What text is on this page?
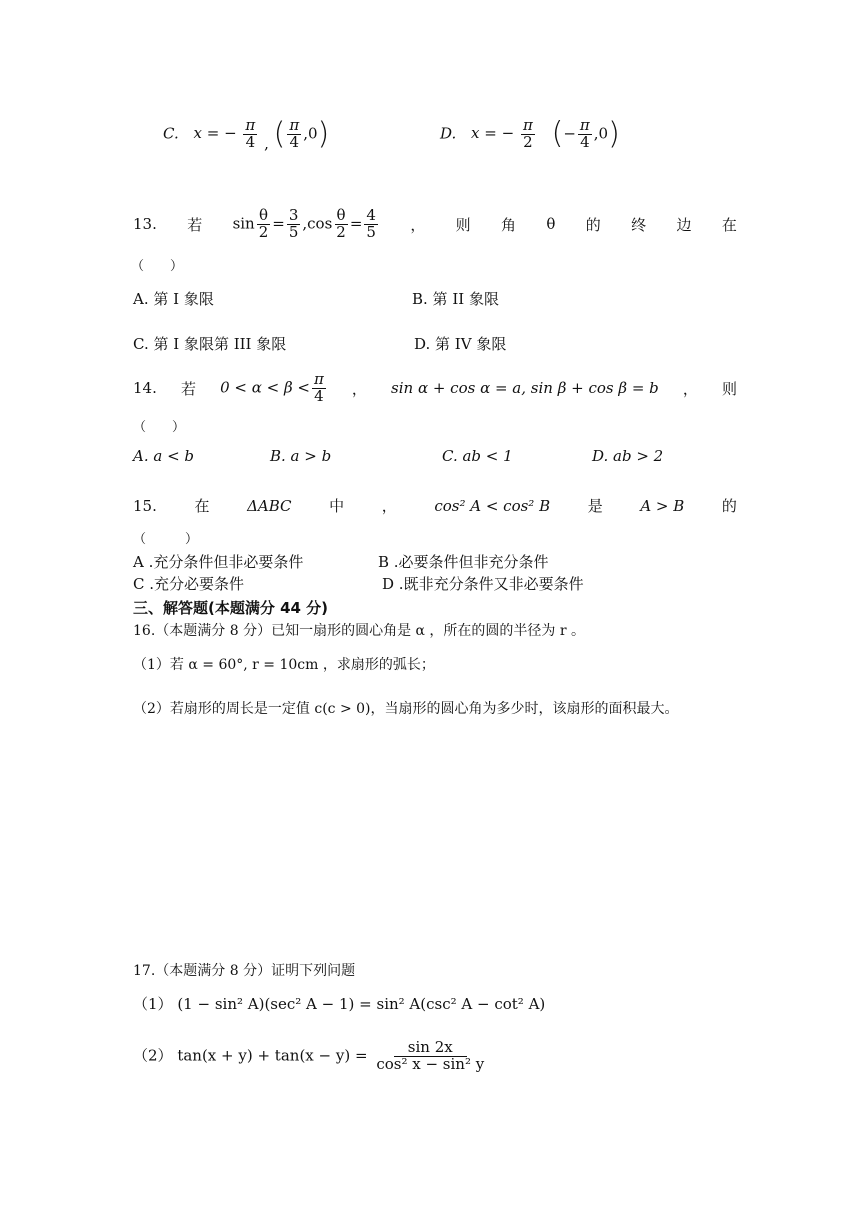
C. x = − $\frac{\pi}{4}$ , ( $\frac{\pi}{4} ,0$)	D. x = − $\frac{\pi}{2}$ (− $\frac{\pi}{4} ,0$)
13. 若 $\sin \frac{\theta}{2} = \frac{3}{5} ,\cos \frac{\theta}{2} = \frac{4}{5}$ ， 则 角 θ 的 终 边 在
（　　）
A. 第 I 象限	B. 第 II 象限
C. 第 I 象限第 III 象限	D. 第 IV 象限
14. 若 $0 < \alpha < \beta < \frac{\pi}{4}$ ， sin α + cos α = a, sin β + cos β = b ， 则
（　　）
A. a < b	B. a > b	C. ab < 1	D. ab > 2
15.	在	ΔABC	中	，	cos² A < cos² B	是	A > B	的
（　　　）
A .充分条件但非必要条件	B .必要条件但非充分条件
C .充分必要条件	D .既非充分条件又非必要条件
三、解答题(本题满分 44 分)
16.（本题满分 8 分）已知一扇形的圆心角是 α ，所在的圆的半径为 r 。
（1）若 α = 60°, r = 10cm ，求扇形的弧长；
（2）若扇形的周长是一定值 c(c > 0)，当扇形的圆心角为多少时，该扇形的面积最大。
17.（本题满分 8 分）证明下列问题
（1） (1 − sin² A)(sec² A − 1) = sin² A(csc² A − cot² A)
（2） $\tan(x + y) + \tan(x - y) = \frac{\sin 2x}{\text{cos² x − sin² y}}$
